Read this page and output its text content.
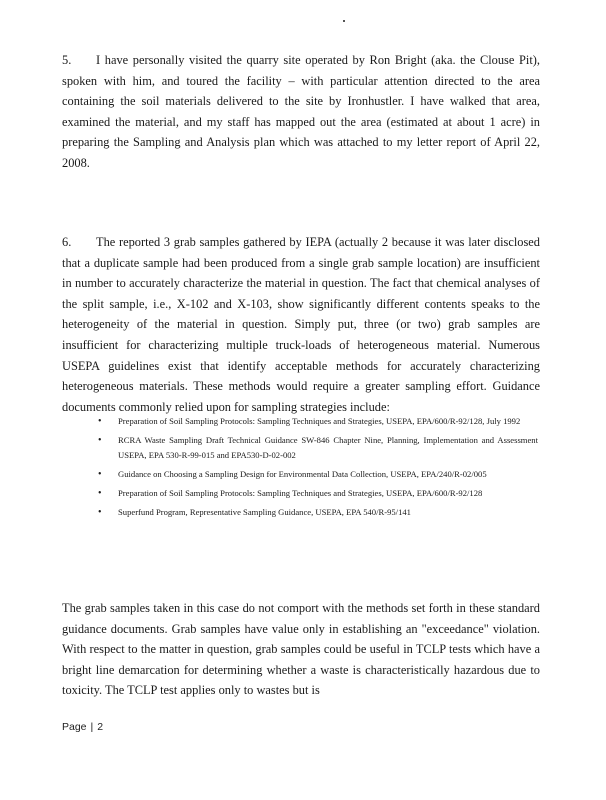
5. I have personally visited the quarry site operated by Ron Bright (aka. the Clouse Pit), spoken with him, and toured the facility – with particular attention directed to the area containing the soil materials delivered to the site by Ironhustler. I have walked that area, examined the material, and my staff has mapped out the area (estimated at about 1 acre) in preparing the Sampling and Analysis plan which was attached to my letter report of April 22, 2008.

6. The reported 3 grab samples gathered by IEPA (actually 2 because it was later disclosed that a duplicate sample had been produced from a single grab sample location) are insufficient in number to accurately characterize the material in question. The fact that chemical analyses of the split sample, i.e., X-102 and X-103, show significantly different contents speaks to the heterogeneity of the material in question. Simply put, three (or two) grab samples are insufficient for characterizing multiple truck-loads of heterogeneous material. Numerous USEPA guidelines exist that identify acceptable methods for accurately characterizing heterogeneous materials. These methods would require a greater sampling effort. Guidance documents commonly relied upon for sampling strategies include:

• Preparation of Soil Sampling Protocols: Sampling Techniques and Strategies, USEPA, EPA/600/R-92/128, July 1992
• RCRA Waste Sampling Draft Technical Guidance SW-846 Chapter Nine, Planning, Implementation and Assessment USEPA, EPA 530-R-99-015 and EPA530-D-02-002
• Guidance on Choosing a Sampling Design for Environmental Data Collection, USEPA, EPA/240/R-02/005
• Preparation of Soil Sampling Protocols: Sampling Techniques and Strategies, USEPA, EPA/600/R-92/128
• Superfund Program, Representative Sampling Guidance, USEPA, EPA 540/R-95/141

The grab samples taken in this case do not comport with the methods set forth in these standard guidance documents. Grab samples have value only in establishing an "exceedance" violation. With respect to the matter in question, grab samples could be useful in TCLP tests which have a bright line demarcation for determining whether a waste is characteristically hazardous due to toxicity. The TCLP test applies only to wastes but is

Page | 2
